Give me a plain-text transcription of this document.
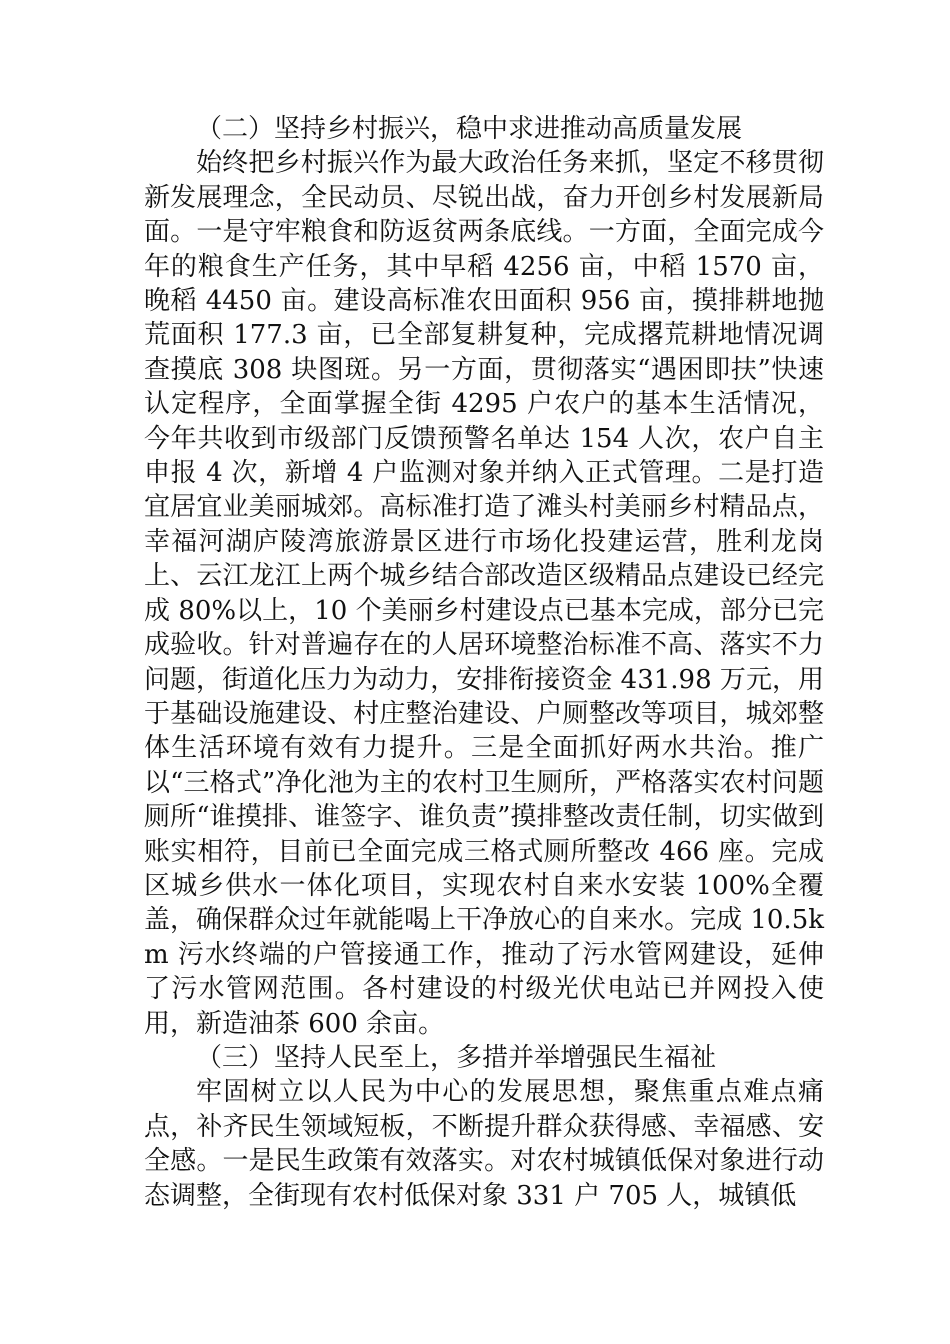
（二）坚持乡村振兴，稳中求进推动高质量发展

始终把乡村振兴作为最大政治任务来抓，坚定不移贯彻新发展理念，全民动员、尽锐出战，奋力开创乡村发展新局面。一是守牢粮食和防返贫两条底线。一方面，全面完成今年的粮食生产任务，其中早稻 4256 亩，中稻 1570 亩，晚稻 4450 亩。建设高标准农田面积 956 亩，摸排耕地抛荒面积 177.3 亩，已全部复耕复种，完成撂荒耕地情况调查摸底 308 块图斑。另一方面，贯彻落实“遇困即扶”快速认定程序，全面掌握全街 4295 户农户的基本生活情况，今年共收到市级部门反馈预警名单达 154 人次，农户自主申报 4 次，新增 4 户监测对象并纳入正式管理。二是打造宜居宜业美丽城郊。高标准打造了滩头村美丽乡村精品点，幸福河湖庐陵湾旅游景区进行市场化投建运营，胜利龙岗上、云江龙江上两个城乡结合部改造区级精品点建设已经完成 80%以上，10 个美丽乡村建设点已基本完成，部分已完成验收。针对普遍存在的人居环境整治标准不高、落实不力问题，街道化压力为动力，安排衔接资金 431.98 万元，用于基础设施建设、村庄整治建设、户厕整改等项目，城郊整体生活环境有效有力提升。三是全面抓好两水共治。推广以“三格式”净化池为主的农村卫生厕所，严格落实农村问题厕所“谁摸排、谁签字、谁负责”摸排整改责任制，切实做到账实相符，目前已全面完成三格式厕所整改 466 座。完成区城乡供水一体化项目，实现农村自来水安装 100%全覆盖，确保群众过年就能喝上干净放心的自来水。完成 10.5km 污水终端的户管接通工作，推动了污水管网建设，延伸了污水管网范围。各村建设的村级光伏电站已并网投入使用，新造油茶 600 余亩。

（三）坚持人民至上，多措并举增强民生福祉

牢固树立以人民为中心的发展思想，聚焦重点难点痛点，补齐民生领域短板，不断提升群众获得感、幸福感、安全感。一是民生政策有效落实。对农村城镇低保对象进行动态调整，全街现有农村低保对象 331 户 705 人，城镇低
